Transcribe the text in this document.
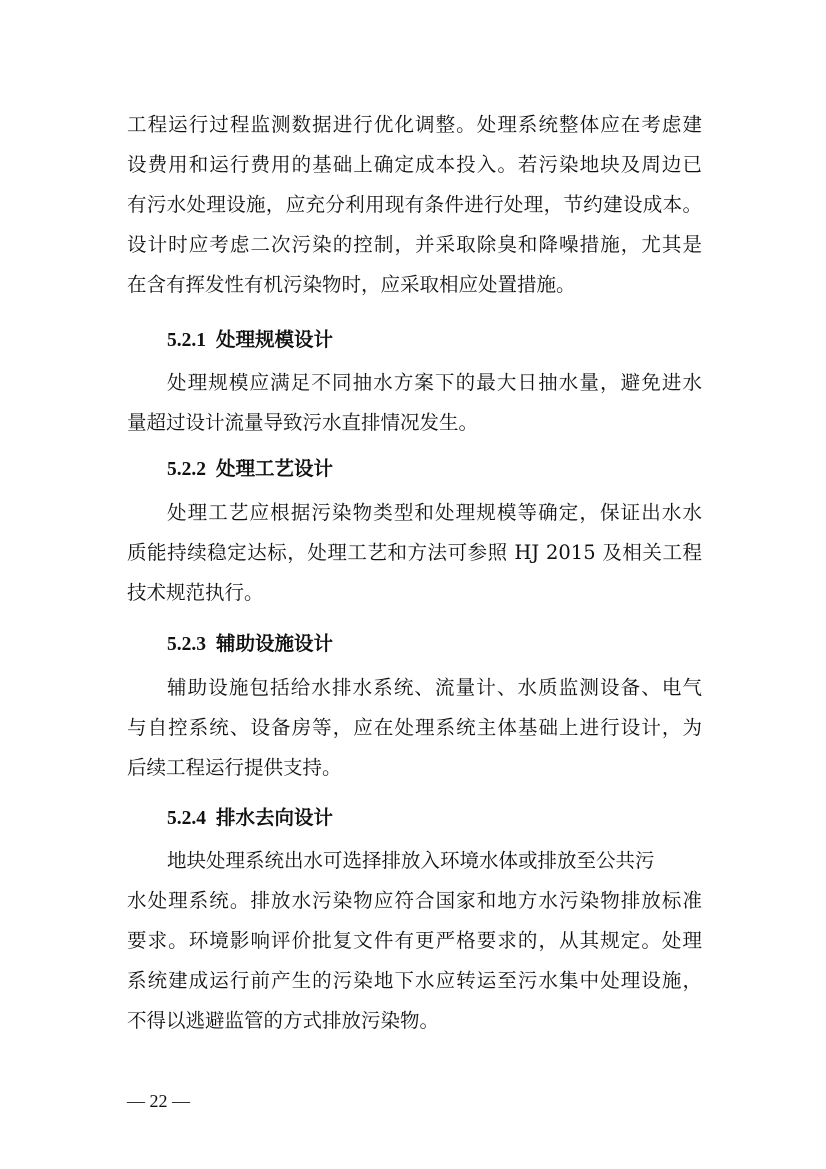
工程运行过程监测数据进行优化调整。处理系统整体应在考虑建
设费用和运行费用的基础上确定成本投入。若污染地块及周边已
有污水处理设施，应充分利用现有条件进行处理，节约建设成本。
设计时应考虑二次污染的控制，并采取除臭和降噪措施，尤其是
在含有挥发性有机污染物时，应采取相应处置措施。
5.2.1 处理规模设计
处理规模应满足不同抽水方案下的最大日抽水量，避免进水
量超过设计流量导致污水直排情况发生。
5.2.2 处理工艺设计
处理工艺应根据污染物类型和处理规模等确定，保证出水水
质能持续稳定达标，处理工艺和方法可参照 HJ 2015 及相关工程
技术规范执行。
5.2.3 辅助设施设计
辅助设施包括给水排水系统、流量计、水质监测设备、电气
与自控系统、设备房等，应在处理系统主体基础上进行设计，为
后续工程运行提供支持。
5.2.4 排水去向设计
地块处理系统出水可选择排放入环境水体或排放至公共污
水处理系统。排放水污染物应符合国家和地方水污染物排放标准
要求。环境影响评价批复文件有更严格要求的，从其规定。处理
系统建成运行前产生的污染地下水应转运至污水集中处理设施，
不得以逃避监管的方式排放污染物。
— 22 —
